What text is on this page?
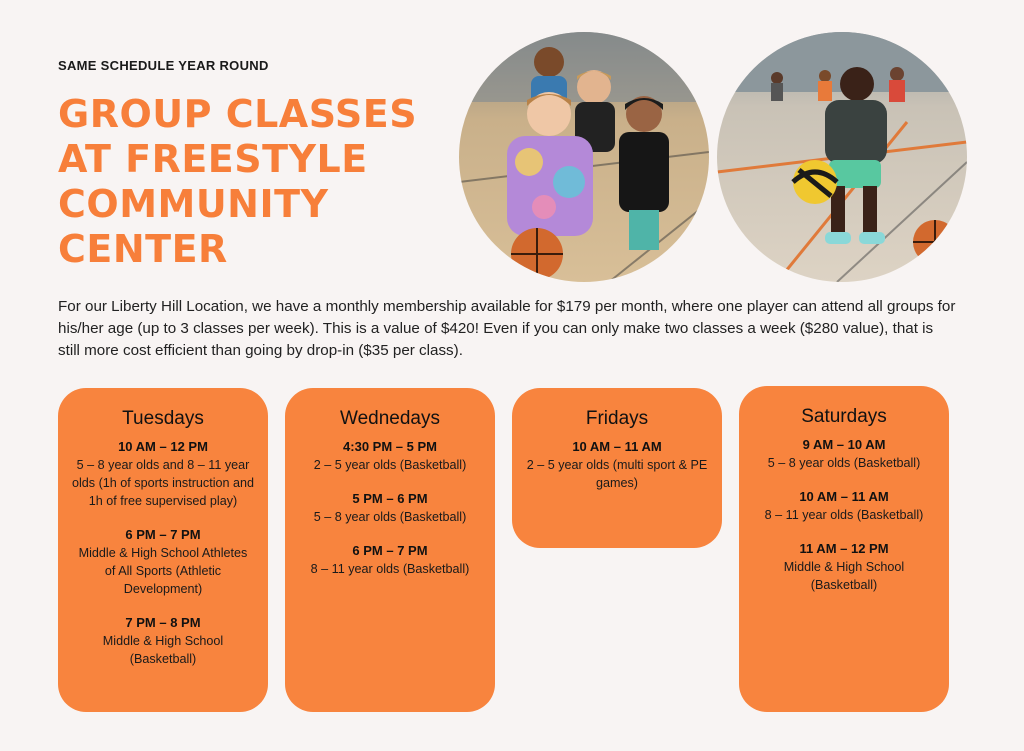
SAME SCHEDULE YEAR ROUND
GROUP CLASSES
AT FREESTYLE
COMMUNITY
CENTER

For our Liberty Hill Location, we have a monthly membership available for $179 per month, where one player can attend all groups for his/her age (up to 3 classes per week). This is a value of $420! Even if you can only make two classes a week ($280 value), that is still more cost efficient than going by drop-in ($35 per class).

Tuesdays
10 AM – 12 PM
5 – 8 year olds and 8 – 11 year olds (1h of sports instruction and 1h of free supervised play)
6 PM – 7 PM
Middle & High School Athletes of All Sports (Athletic Development)
7 PM – 8 PM
Middle & High School (Basketball)
Wednedays
4:30 PM – 5 PM
2 – 5 year olds (Basketball)
5 PM – 6 PM
5 – 8 year olds (Basketball)
6 PM – 7 PM
8 – 11 year olds (Basketball)
Fridays
10 AM – 11 AM
2 – 5 year olds (multi sport & PE games)
Saturdays
9 AM – 10 AM
5 – 8 year olds (Basketball)
10 AM – 11 AM
8 – 11 year olds (Basketball)
11 AM – 12 PM
Middle & High School (Basketball)
